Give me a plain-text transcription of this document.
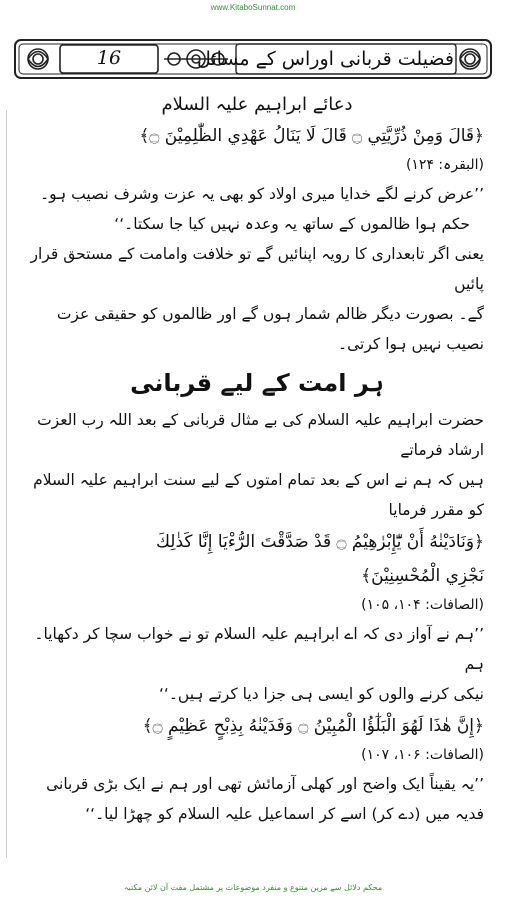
www.KitaboSunnat.com
16	فضیلت قربانی اوراس کے مسائل
دعائے ابراہیم علیہ السلام

﴿قَالَ وَمِنْ ذُرِّيَّتِي ۝ قَالَ لَا يَنَالُ عَهْدِي الظّٰلِمِيْنَ ۝﴾

(البقرہ: ۱۲۴)

’’عرض کرنے لگے خدایا میری اولاد کو بھی یہ عزت وشرف نصیب ہو۔

حکم ہوا ظالموں کے ساتھ یہ وعدہ نہیں کیا جا سکتا۔‘‘

یعنی اگر تابعداری کا رویہ اپنائیں گے تو خلافت وامامت کے مستحق قرار پائیں

گے۔ بصورت دیگر ظالم شمار ہوں گے اور ظالموں کو حقیقی عزت نصیب نہیں ہوا کرتی۔

ہر امت کے لیے قربانی

حضرت ابراہیم علیہ السلام کی بے مثال قربانی کے بعد اللہ رب العزت ارشاد فرماتے

ہیں کہ ہم نے اس کے بعد تمام امتوں کے لیے سنت ابراہیم علیہ السلام کو مقرر فرمایا

﴿وَنَادَيْنٰهُ أَنْ يّٰٓإِبْرٰهِيْمُ ۝ قَدْ صَدَّقْتَ الرُّءْيَا إِنَّا كَذٰلِكَ

نَجْزِي الْمُحْسِنِيْنَ﴾

(الصافات: ۱۰۴، ۱۰۵)

’’ہم نے آواز دی کہ اے ابراہیم علیہ السلام تو نے خواب سچا کر دکھایا۔ ہم

نیکی کرنے والوں کو ایسی ہی جزا دیا کرتے ہیں۔‘‘

﴿إِنَّ هٰذَا لَهُوَ الْبَلٰٓؤُا الْمُبِيْنُ ۝ وَفَدَيْنٰهُ بِذِبْحٍ عَظِيْمٍ ۝﴾

(الصافات: ۱۰۶، ۱۰۷)

’’یہ یقیناً ایک واضح اور کھلی آزمائش تھی اور ہم نے ایک بڑی قربانی

فدیہ میں (دے کر) اسے کر اسماعیل علیہ السلام کو چھڑا لیا۔‘‘

محکم دلائل سے مزین متنوع و منفرد موضوعات پر مشتمل مفت آن لائن مکتبہ
